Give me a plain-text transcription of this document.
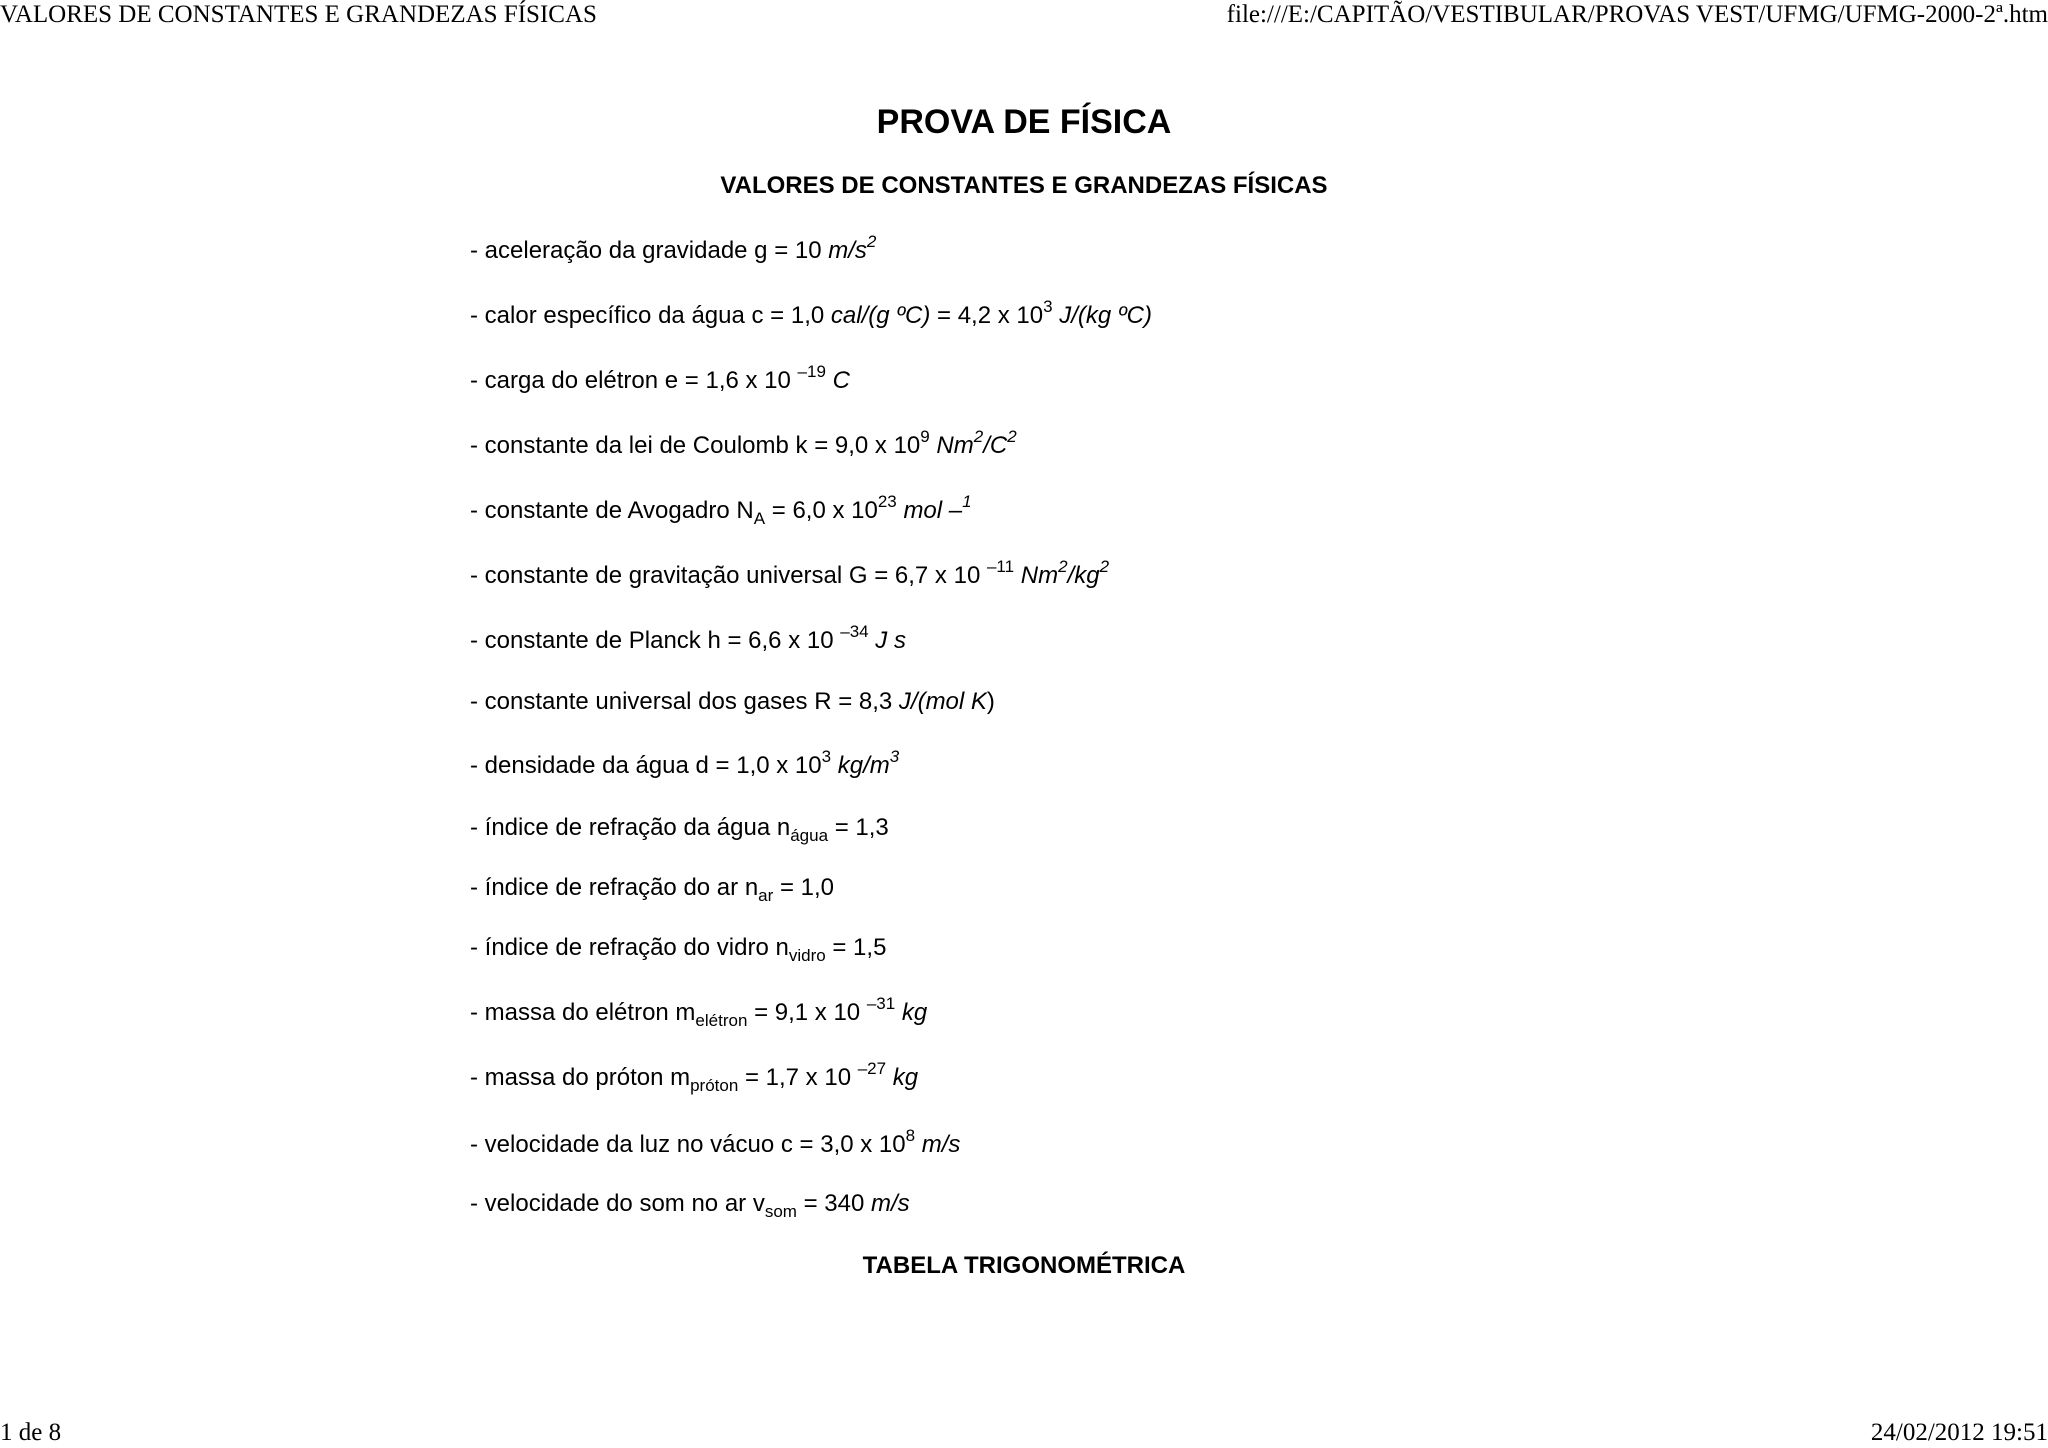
VALORES DE CONSTANTES E GRANDEZAS FÍSICAS	file:///E:/CAPITÃO/VESTIBULAR/PROVAS VEST/UFMG/UFMG-2000-2ª.htm
PROVA DE FÍSICA
VALORES DE CONSTANTES E GRANDEZAS FÍSICAS
- aceleração da gravidade g = 10 $m/s^2$
- calor específico da água c = 1,0 cal/(g ºC) = 4,2 x $10^3$ J/(kg ºC)
- carga do elétron e = 1,6 x 10 $^{-19}$ C
- constante da lei de Coulomb k = 9,0 x $10^9$ $Nm^2/C^2$
- constante de Avogadro $N_A = 6,0$ x $10^{23}$ mol –$^1$
- constante de gravitação universal G = 6,7 x 10 $^{-11}$ $Nm^2/kg^2$
- constante de Planck h = 6,6 x 10 $^{-34}$ J s
- constante universal dos gases R = 8,3 J/(mol K)
- densidade da água d = 1,0 x $10^3$ $kg/m^3$
- índice de refração da água $n_{água} = 1,3$
- índice de refração do ar $n_{ar} = 1,0$
- índice de refração do vidro $n_{vidro} = 1,5$
- massa do elétron $m_{elétron} = 9,1$ x 10 $^{-31}$ kg
- massa do próton $m_{próton} = 1,7$ x 10 $^{-27}$ kg
- velocidade da luz no vácuo c = 3,0 x $10^8$ m/s
- velocidade do som no ar $v_{som} = 340$ m/s
TABELA TRIGONOMÉTRICA
1 de 8	24/02/2012 19:51
